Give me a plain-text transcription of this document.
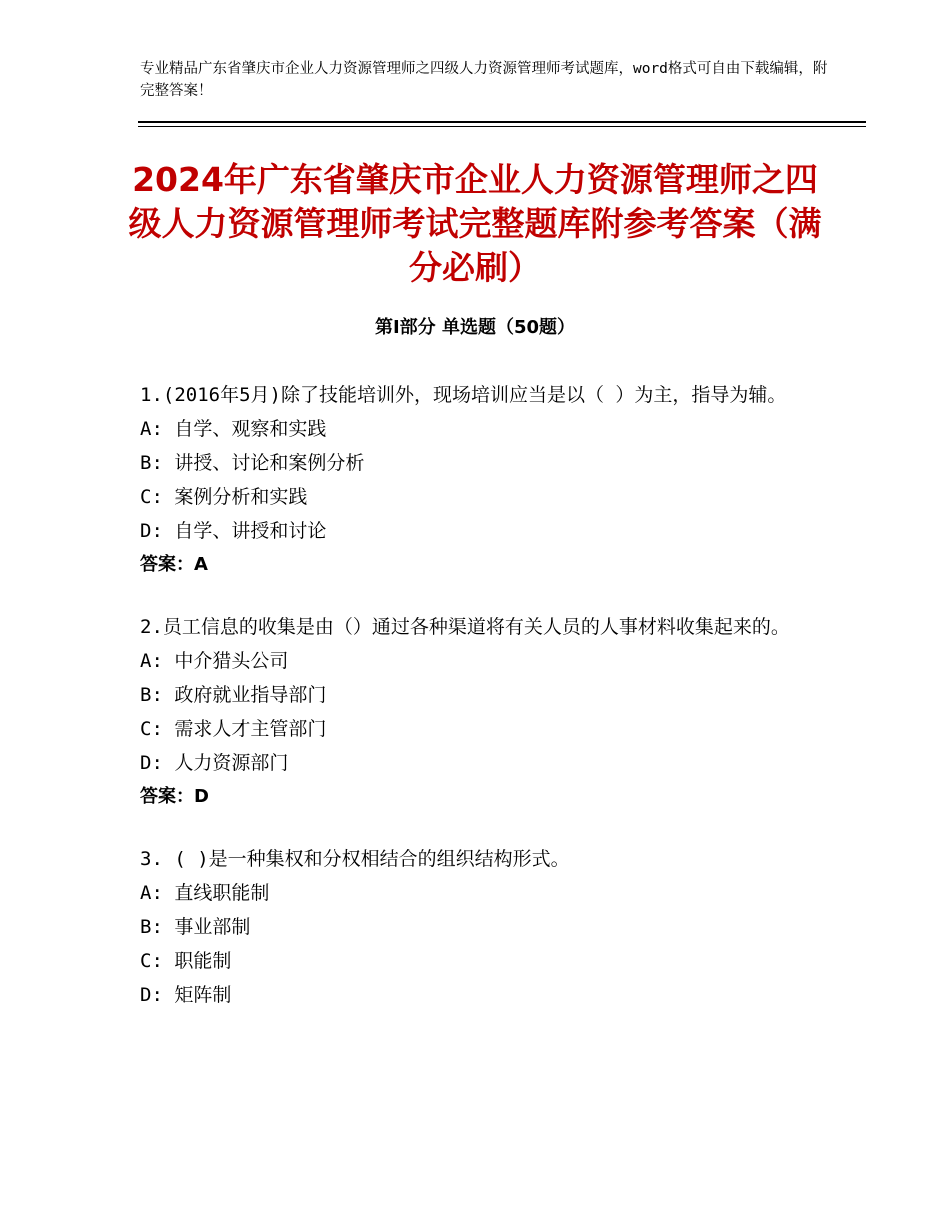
专业精品广东省肇庆市企业人力资源管理师之四级人力资源管理师考试题库，word格式可自由下载编辑，附完整答案！
2024年广东省肇庆市企业人力资源管理师之四级人力资源管理师考试完整题库附参考答案（满分必刷）
第Ⅰ部分 单选题（50题）

1.(2016年5月)除了技能培训外，现场培训应当是以（ ）为主，指导为辅。

A: 自学、观察和实践

B: 讲授、讨论和案例分析

C: 案例分析和实践

D: 自学、讲授和讨论

答案：A

2.员工信息的收集是由（）通过各种渠道将有关人员的人事材料收集起来的。

A: 中介猎头公司

B: 政府就业指导部门

C: 需求人才主管部门

D: 人力资源部门

答案：D

3. ( )是一种集权和分权相结合的组织结构形式。

A: 直线职能制

B: 事业部制

C: 职能制

D: 矩阵制
